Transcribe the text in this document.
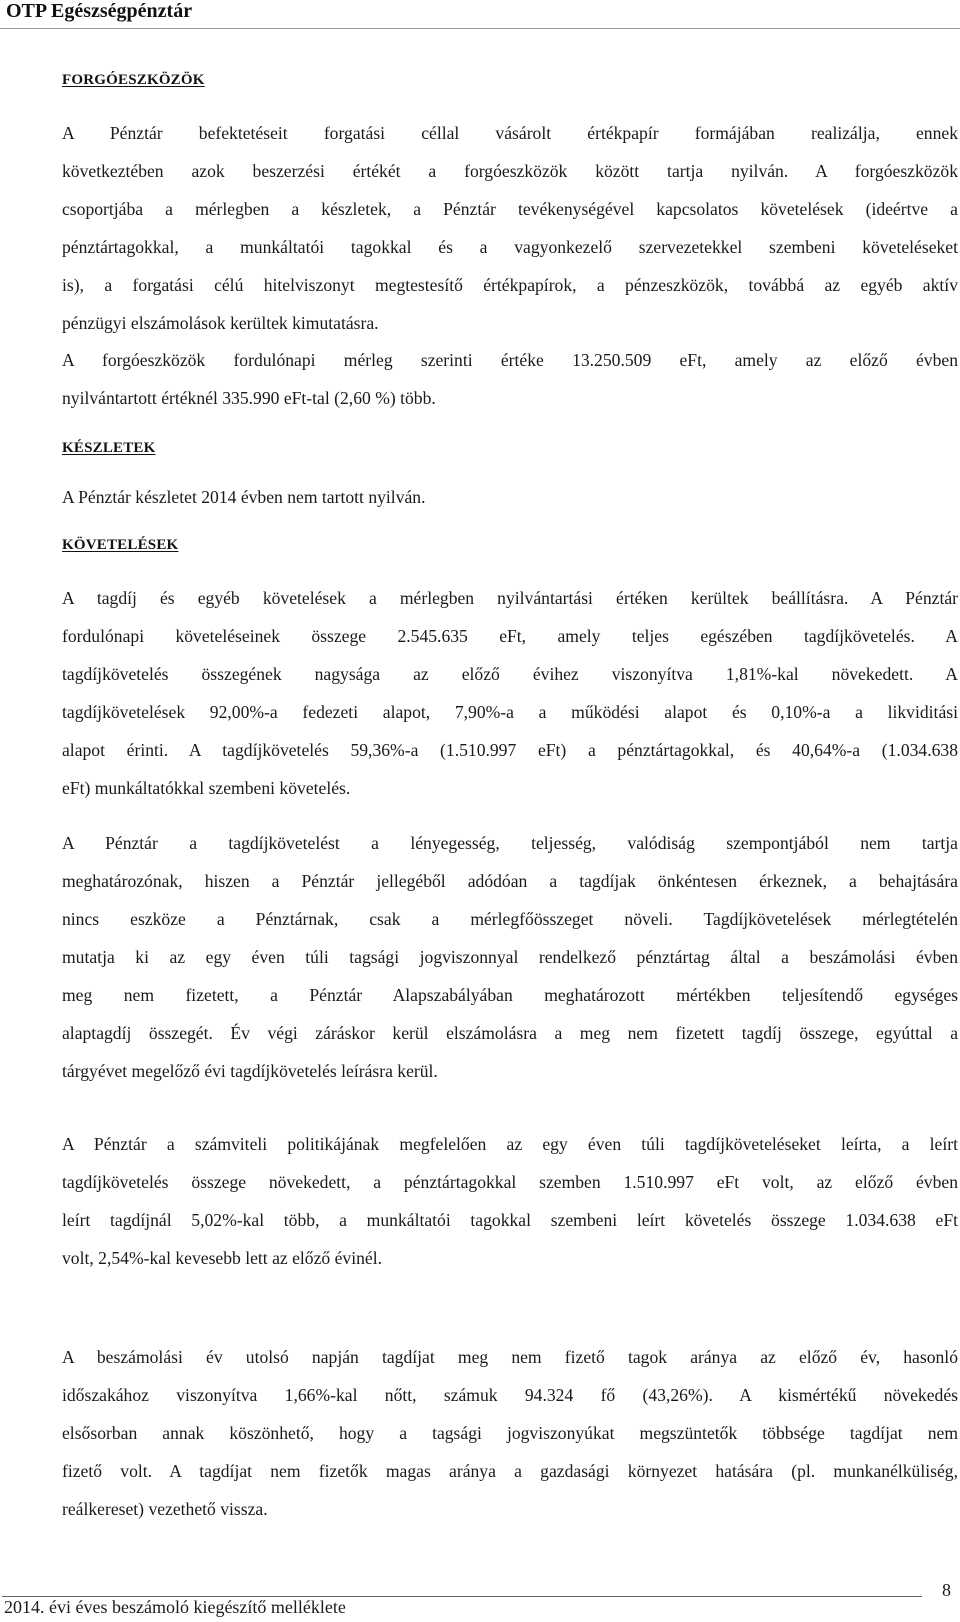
OTP Egészségpénztár
FORGÓESZKÖZÖK
A Pénztár befektetéseit forgatási céllal vásárolt értékpapír formájában realizálja, ennek
következtében azok beszerzési értékét a forgóeszközök között tartja nyilván. A forgóeszközök
csoportjába a mérlegben a készletek, a Pénztár tevékenységével kapcsolatos követelések (ideértve a
pénztártagokkal, a munkáltatói tagokkal és a vagyonkezelő szervezetekkel szembeni követeléseket
is), a forgatási célú hitelviszonyt megtestesítő értékpapírok, a pénzeszközök, továbbá az egyéb aktív
pénzügyi elszámolások kerültek kimutatásra.
A forgóeszközök fordulónapi mérleg szerinti értéke 13.250.509 eFt, amely az előző évben
nyilvántartott értéknél 335.990 eFt-tal (2,60 %) több.
KÉSZLETEK
A Pénztár készletet 2014 évben nem tartott nyilván.
KÖVETELÉSEK
A tagdíj és egyéb követelések a mérlegben nyilvántartási értéken kerültek beállításra. A Pénztár
fordulónapi követeléseinek összege 2.545.635 eFt, amely teljes egészében tagdíjkövetelés. A
tagdíjkövetelés összegének nagysága az előző évihez viszonyítva 1,81%-kal növekedett. A
tagdíjkövetelések 92,00%-a fedezeti alapot, 7,90%-a a működési alapot és 0,10%-a a likviditási
alapot érinti. A tagdíjkövetelés 59,36%-a (1.510.997 eFt) a pénztártagokkal, és 40,64%-a (1.034.638
eFt) munkáltatókkal szembeni követelés.
A Pénztár a tagdíjkövetelést a lényegesség, teljesség, valódiság szempontjából nem tartja
meghatározónak, hiszen a Pénztár jellegéből adódóan a tagdíjak önkéntesen érkeznek, a behajtására
nincs eszköze a Pénztárnak, csak a mérlegfőösszeget növeli. Tagdíjkövetelések mérlegtételén
mutatja ki az egy éven túli tagsági jogviszonnyal rendelkező pénztártag által a beszámolási évben
meg nem fizetett, a Pénztár Alapszabályában meghatározott mértékben teljesítendő egységes
alaptagdíj összegét. Év végi záráskor kerül elszámolásra a meg nem fizetett tagdíj összege, egyúttal a
tárgyévet megelőző évi tagdíjkövetelés leírásra kerül.
A Pénztár a számviteli politikájának megfelelően az egy éven túli tagdíjköveteléseket leírta, a leírt
tagdíjkövetelés összege növekedett, a pénztártagokkal szemben 1.510.997 eFt volt, az előző évben
leírt tagdíjnál 5,02%-kal több, a munkáltatói tagokkal szembeni leírt követelés összege 1.034.638 eFt
volt, 2,54%-kal kevesebb lett az előző évinél.
A beszámolási év utolsó napján tagdíjat meg nem fizető tagok aránya az előző év, hasonló
időszakához viszonyítva 1,66%-kal nőtt, számuk 94.324 fő (43,26%). A kismértékű növekedés
elsősorban annak köszönhető, hogy a tagsági jogviszonyúkat megszüntetők többsége tagdíjat nem
fizető volt. A tagdíjat nem fizetők magas aránya a gazdasági környezet hatására (pl. munkanélküliség,
reálkereset) vezethető vissza.
2014. évi éves beszámoló kiegészítő melléklete
8
